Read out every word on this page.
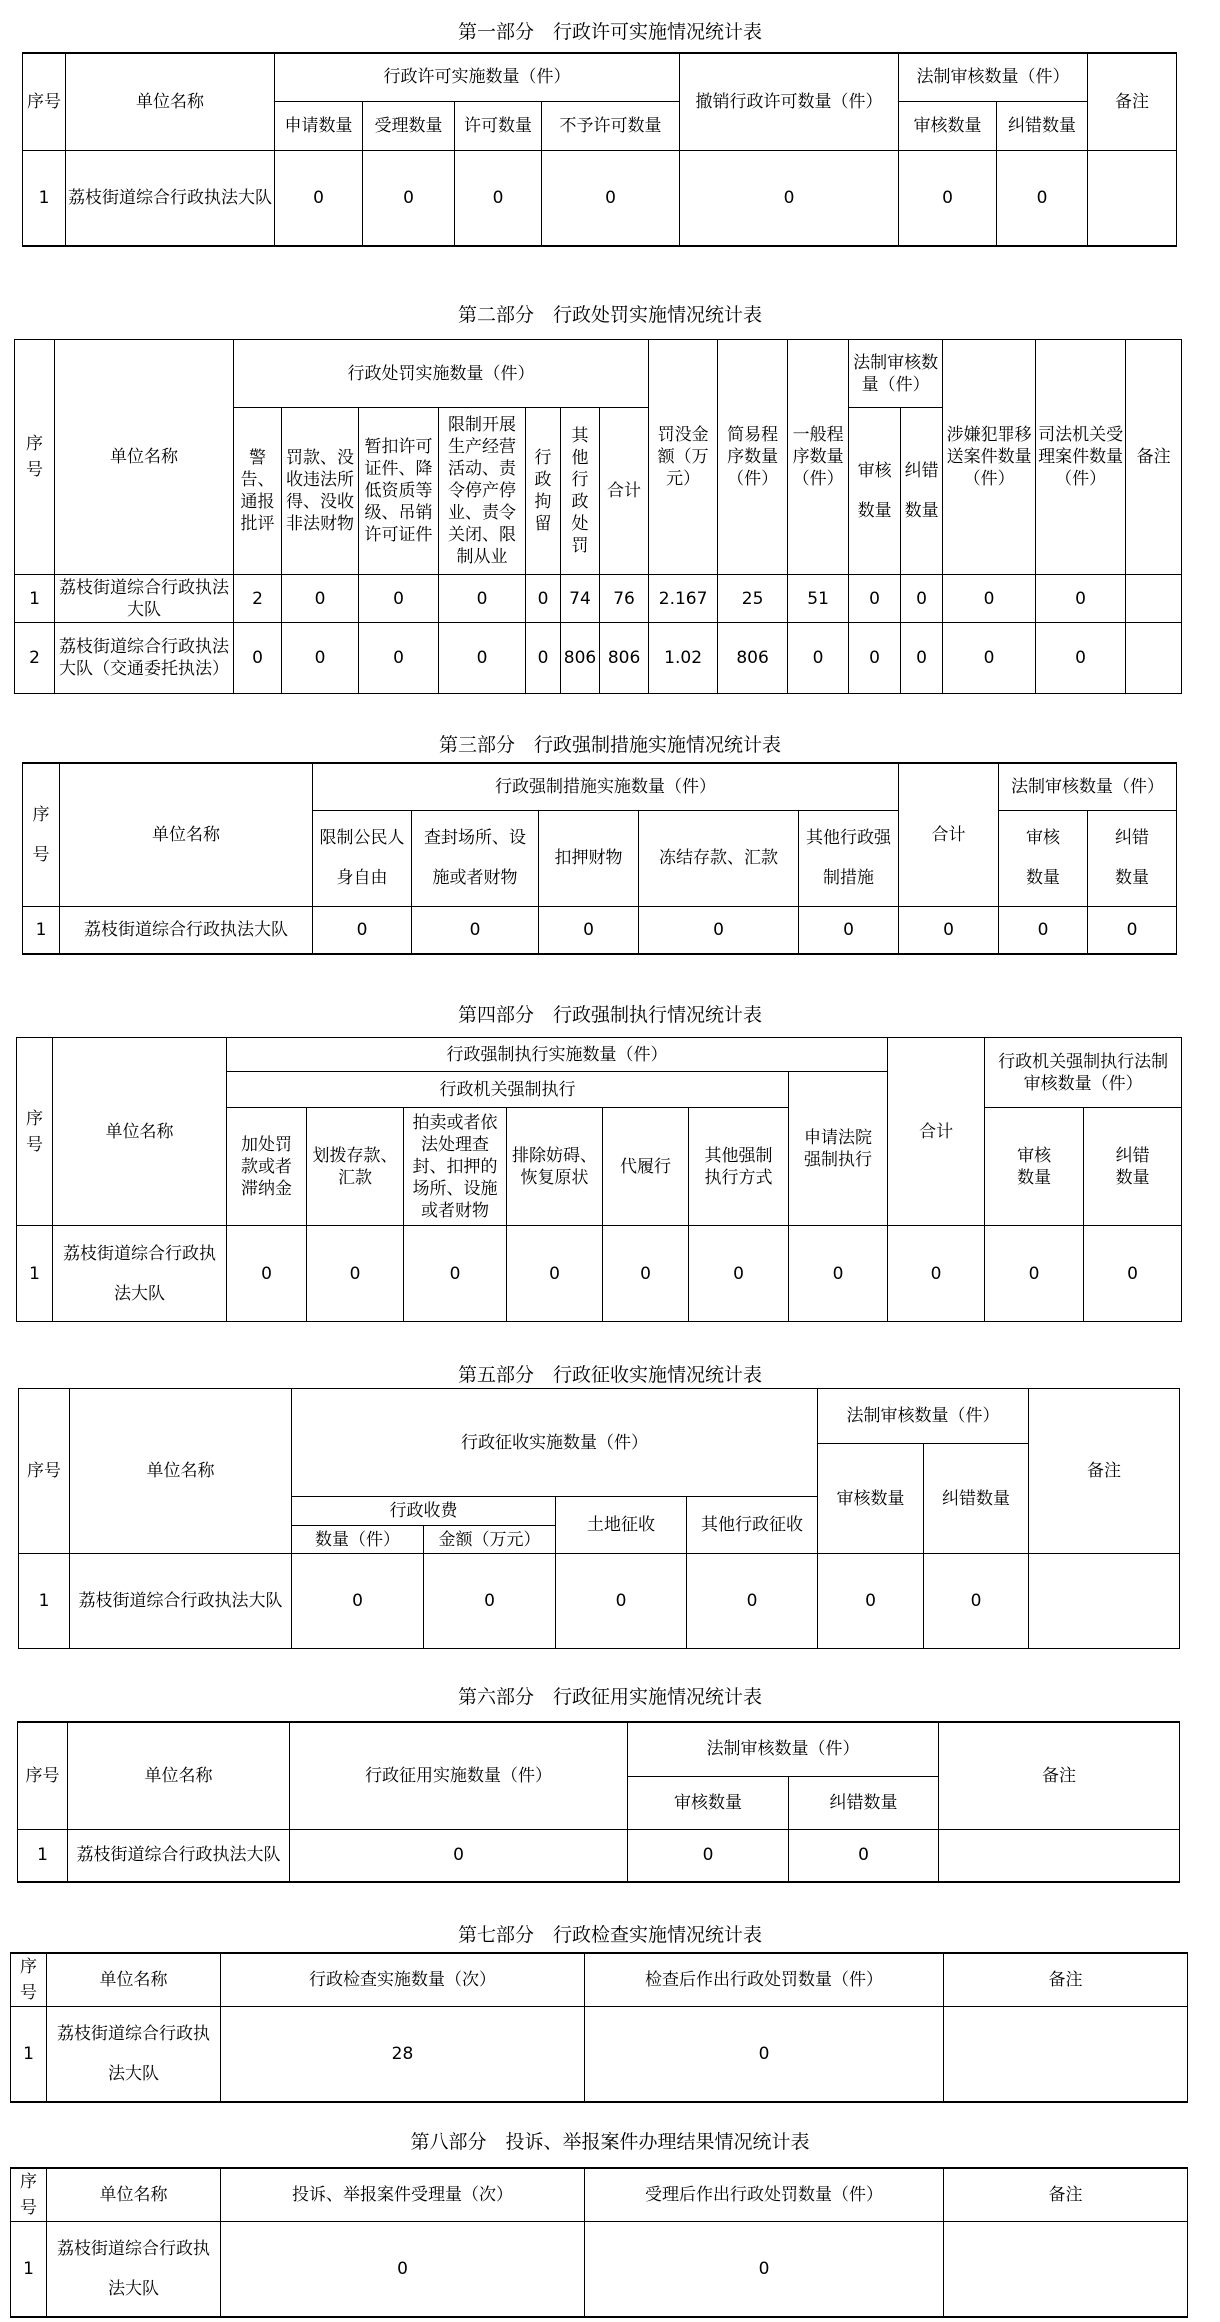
第一部分　行政许可实施情况统计表
序号	单位名称	行政许可实施数量（件）				撤销行政许可数量（件）	法制审核数量（件）		备注
		申请数量	受理数量	许可数量	不予许可数量		审核数量	纠错数量	
1	荔枝街道综合行政执法大队	0	0	0	0	0	0	0	
第二部分　行政处罚实施情况统计表
序号	单位名称	行政处罚实施数量（件）							罚没金额（万元）	简易程序数量（件）	一般程序数量（件）	法制审核数量（件）		涉嫌犯罪移送案件数量（件）	司法机关受理案件数量（件）	备注
		警告、通报批评	罚款、没收违法所得、没收非法财物	暂扣许可证件、降低资质等级、吊销许可证件	限制开展生产经营活动、责令停产停业、责令关闭、限制从业	行政拘留	其他行政处罚	合计				审核数量	纠错数量			
1	荔枝街道综合行政执法大队	2	0	0	0	0	74	76	2.167	25	51	0	0	0	0	
2	荔枝街道综合行政执法大队（交通委托执法）	0	0	0	0	0	806	806	1.02	806	0	0	0	0	0	
第三部分　行政强制措施实施情况统计表
序号	单位名称	行政强制措施实施数量（件）					合计	法制审核数量（件）	
		限制公民人身自由	查封场所、设施或者财物	扣押财物	冻结存款、汇款	其他行政强制措施		审核数量	纠错数量
1	荔枝街道综合行政执法大队	0	0	0	0	0	0	0	0
第四部分　行政强制执行情况统计表
序号	单位名称	行政强制执行实施数量（件）							合计	行政机关强制执行法制审核数量（件）	
		行政机关强制执行						申请法院强制执行			
		加处罚款或者滞纳金	划拨存款、汇款	拍卖或者依法处理查封、扣押的场所、设施或者财物	排除妨碍、恢复原状	代履行	其他强制执行方式			审核数量	纠错数量
1	荔枝街道综合行政执法大队	0	0	0	0	0	0	0	0	0	0
第五部分　行政征收实施情况统计表
序号	单位名称	行政征收实施数量（件）				法制审核数量（件）		备注
						审核数量	纠错数量	
		行政收费		土地征收	其他行政征收			
		数量（件）	金额（万元）					
1	荔枝街道综合行政执法大队	0	0	0	0	0	0	
第六部分　行政征用实施情况统计表
序号	单位名称	行政征用实施数量（件）	法制审核数量（件）		备注
			审核数量	纠错数量	
1	荔枝街道综合行政执法大队	0	0	0	
第七部分　行政检查实施情况统计表
序号	单位名称	行政检查实施数量（次）	检查后作出行政处罚数量（件）	备注
1	荔枝街道综合行政执法大队	28	0	
第八部分　投诉、举报案件办理结果情况统计表
序号	单位名称	投诉、举报案件受理量（次）	受理后作出行政处罚数量（件）	备注
1	荔枝街道综合行政执法大队	0	0	
